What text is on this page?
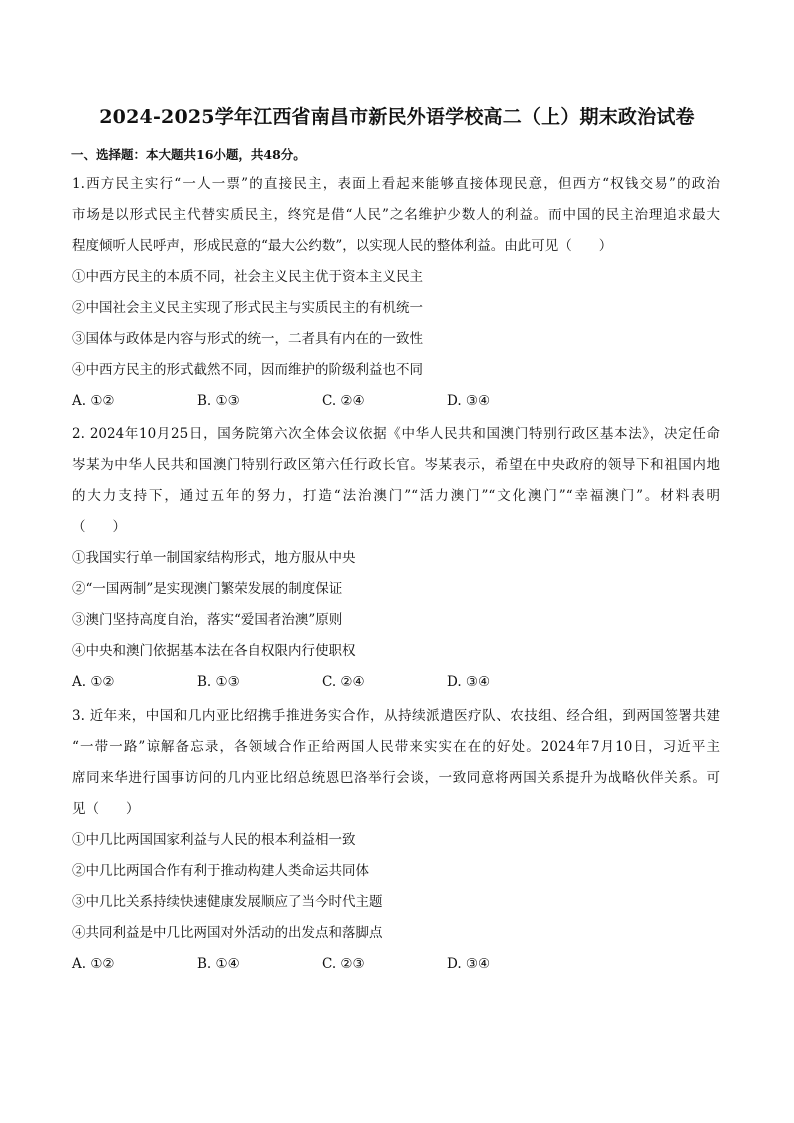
2024-2025学年江西省南昌市新民外语学校高二（上）期末政治试卷
一、选择题：本大题共16小题，共48分。
1.西方民主实行“一人一票”的直接民主，表面上看起来能够直接体现民意，但西方“权钱交易”的政治
市场是以形式民主代替实质民主，终究是借“人民”之名维护少数人的利益。而中国的民主治理追求最大
程度倾听人民呼声，形成民意的“最大公约数”，以实现人民的整体利益。由此可见（　　）
①中西方民主的本质不同，社会主义民主优于资本主义民主
②中国社会主义民主实现了形式民主与实质民主的有机统一
③国体与政体是内容与形式的统一，二者具有内在的一致性
④中西方民主的形式截然不同，因而维护的阶级利益也不同
A. ①②	B. ①③	C. ②④	D. ③④
2. 2024年10月25日，国务院第六次全体会议依据《中华人民共和国澳门特别行政区基本法》，决定任命
岑某为中华人民共和国澳门特别行政区第六任行政长官。岑某表示，希望在中央政府的领导下和祖国内地
的大力支持下，通过五年的努力，打造“法治澳门”“活力澳门”“文化澳门”“幸福澳门”。材料表明
（　　）
①我国实行单一制国家结构形式，地方服从中央
②“一国两制”是实现澳门繁荣发展的制度保证
③澳门坚持高度自治，落实“爱国者治澳”原则
④中央和澳门依据基本法在各自权限内行使职权
A. ①②	B. ①③	C. ②④	D. ③④
3. 近年来，中国和几内亚比绍携手推进务实合作，从持续派遣医疗队、农技组、经合组，到两国签署共建
“一带一路”谅解备忘录，各领域合作正给两国人民带来实实在在的好处。2024年7月10日，习近平主
席同来华进行国事访问的几内亚比绍总统恩巴洛举行会谈，一致同意将两国关系提升为战略伙伴关系。可
见（　　）
①中几比两国国家利益与人民的根本利益相一致
②中几比两国合作有利于推动构建人类命运共同体
③中几比关系持续快速健康发展顺应了当今时代主题
④共同利益是中几比两国对外活动的出发点和落脚点
A. ①②	B. ①④	C. ②③	D. ③④
